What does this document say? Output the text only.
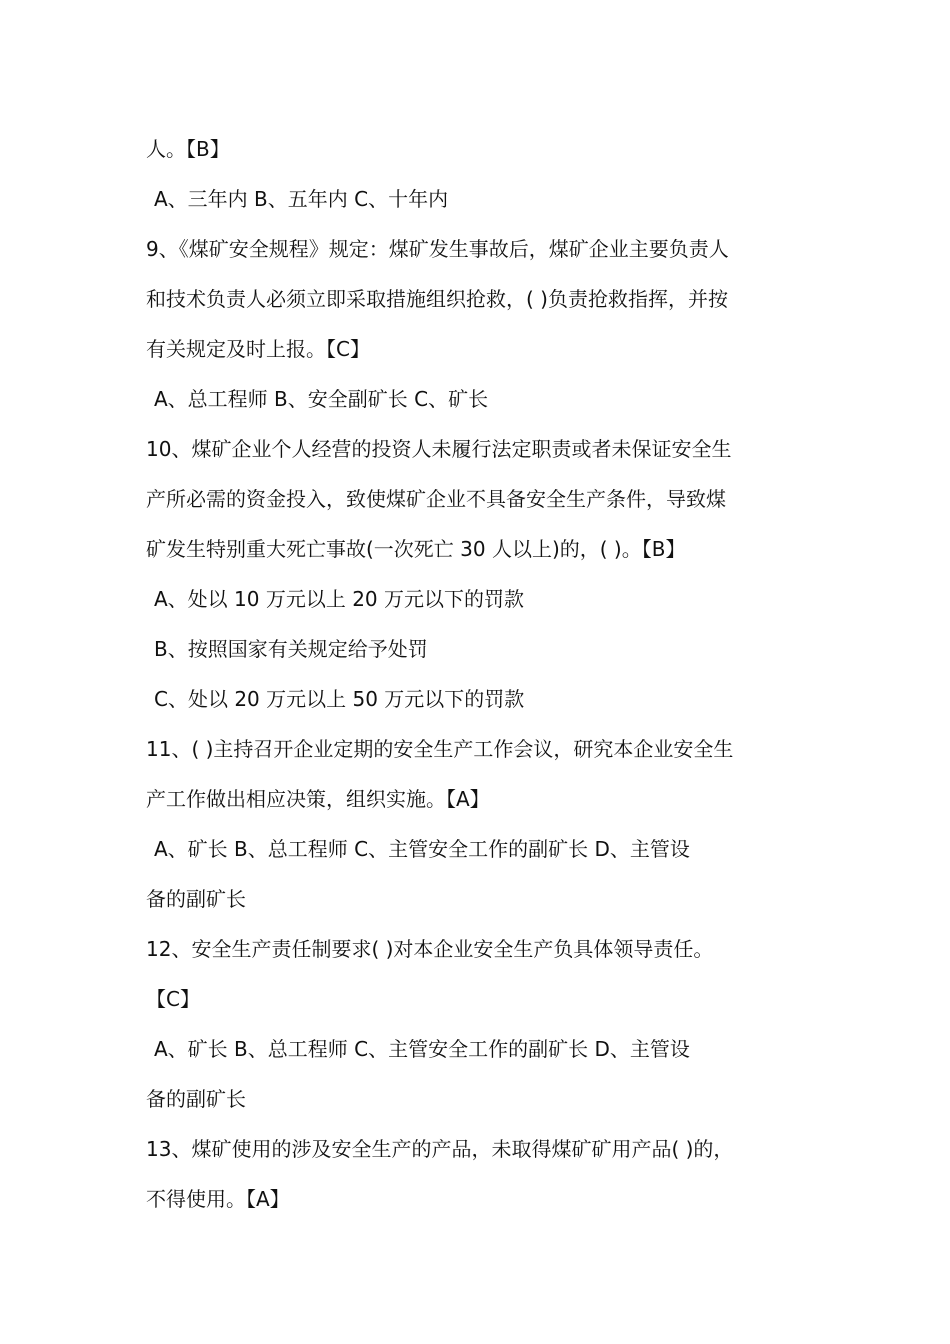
人。【B】
A、三年内 B、五年内 C、十年内
9、《煤矿安全规程》规定：煤矿发生事故后，煤矿企业主要负责人
和技术负责人必须立即采取措施组织抢救，( )负责抢救指挥，并按
有关规定及时上报。【C】
A、总工程师 B、安全副矿长 C、矿长
10、煤矿企业个人经营的投资人未履行法定职责或者未保证安全生
产所必需的资金投入，致使煤矿企业不具备安全生产条件，导致煤
矿发生特别重大死亡事故(一次死亡 30 人以上)的，( )。【B】
A、处以 10 万元以上 20 万元以下的罚款
B、按照国家有关规定给予处罚
C、处以 20 万元以上 50 万元以下的罚款
11、( )主持召开企业定期的安全生产工作会议，研究本企业安全生
产工作做出相应决策，组织实施。【A】
A、矿长 B、总工程师 C、主管安全工作的副矿长 D、主管设
备的副矿长
12、安全生产责任制要求( )对本企业安全生产负具体领导责任。
【C】
A、矿长 B、总工程师 C、主管安全工作的副矿长 D、主管设
备的副矿长
13、煤矿使用的涉及安全生产的产品，未取得煤矿矿用产品( )的，
不得使用。【A】
